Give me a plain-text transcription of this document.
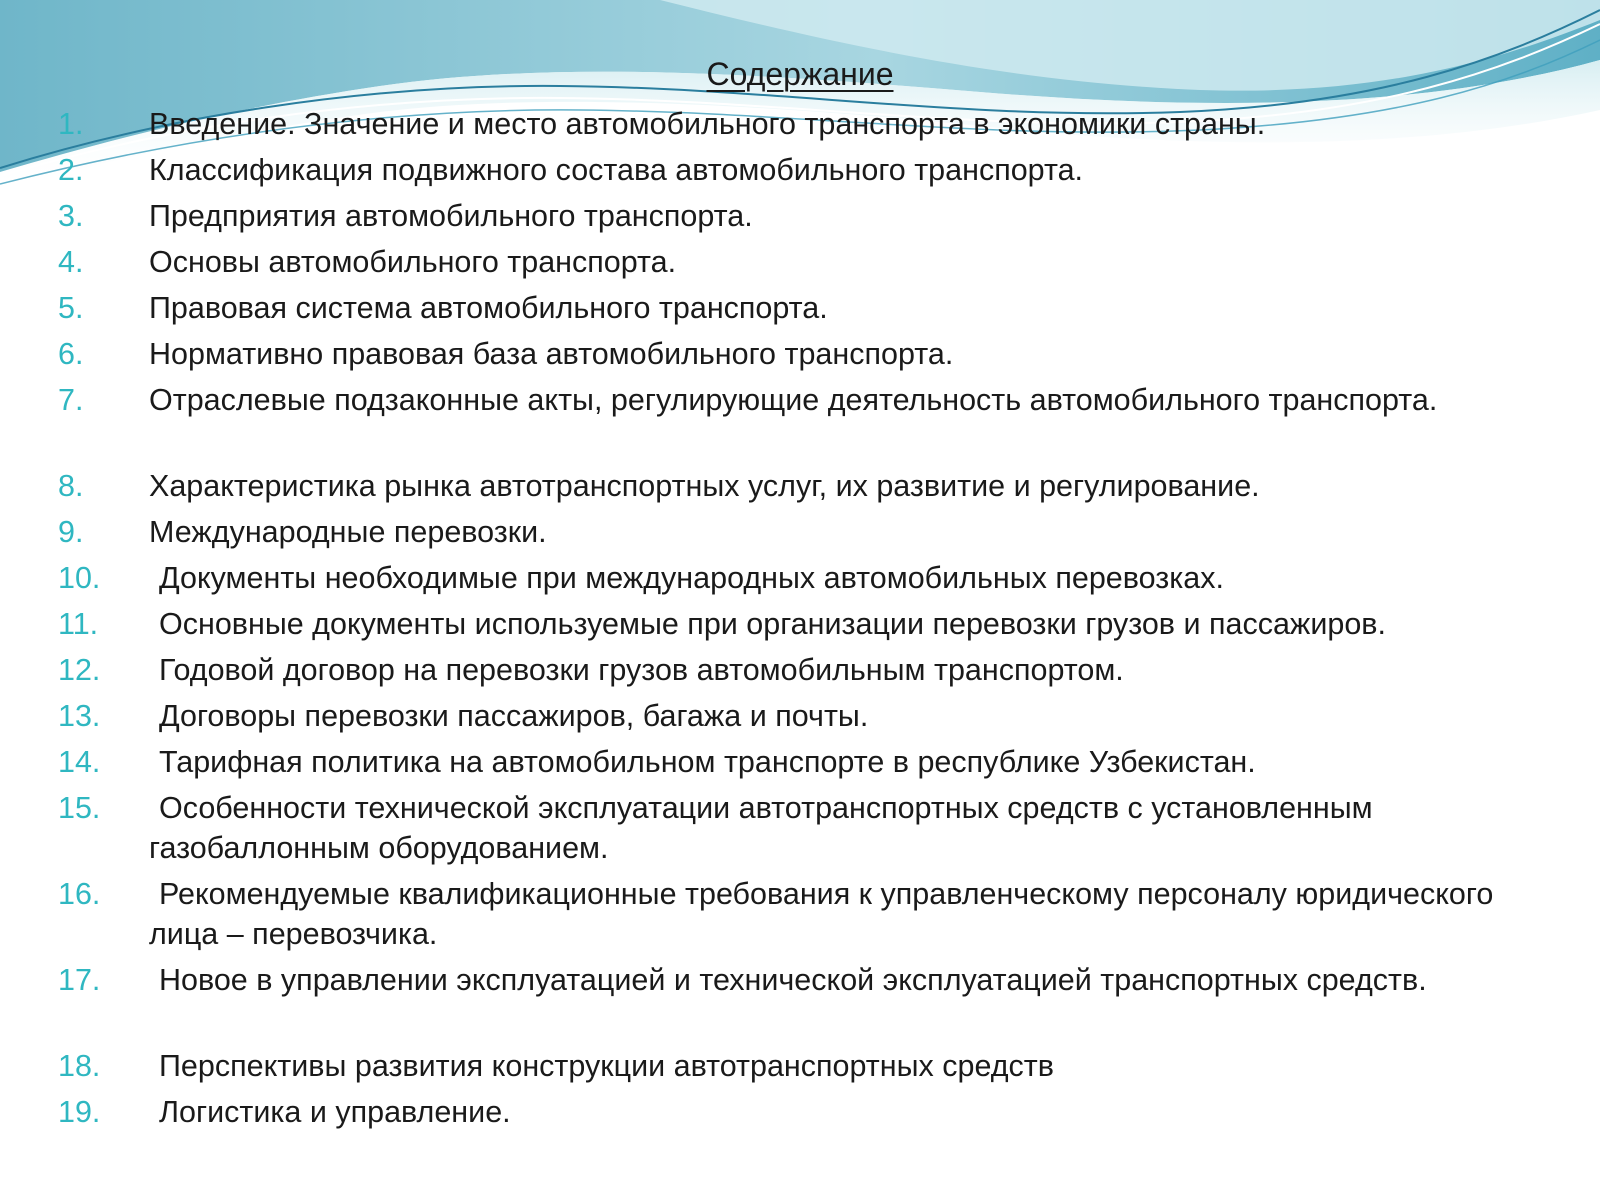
Содержание
1. Введение. Значение и место автомобильного транспорта в экономики страны.
2. Классификация подвижного состава автомобильного транспорта.
3. Предприятия автомобильного транспорта.
4. Основы автомобильного транспорта.
5. Правовая система автомобильного транспорта.
6. Нормативно правовая база автомобильного транспорта.
7. Отраслевые подзаконные акты, регулирующие деятельность автомобильного транспорта.
8. Характеристика рынка автотранспортных услуг, их развитие и регулирование.
9. Международные перевозки.
10.	Документы необходимые при международных автомобильных перевозках.
11.	Основные документы используемые при организации перевозки грузов и пассажиров.
12.	Годовой договор на перевозки грузов автомобильным транспортом.
13.	Договоры перевозки пассажиров, багажа и почты.
14.	Тарифная политика на автомобильном транспорте в республике Узбекистан.
15.	Особенности технической эксплуатации автотранспортных средств с установленным газобаллонным оборудованием.
16.	Рекомендуемые квалификационные требования к управленческому персоналу юридического лица – перевозчика.
17.	Новое в управлении эксплуатацией и технической эксплуатацией транспортных средств.
18.	Перспективы развития конструкции автотранспортных средств
19.	Логистика и управление.
